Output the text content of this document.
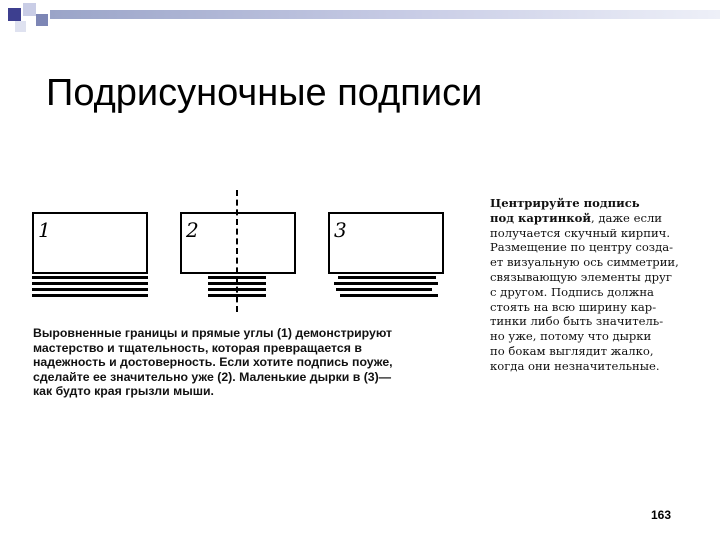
Подрисуночные подписи
1	2	3
Выровненные границы и прямые углы (1) демонстрируют
мастерство и тщательность, которая превращается в
надежность и достоверность. Если хотите подпись поуже,
сделайте ее значительно уже (2). Маленькие дырки в (3)—
как будто края грызли мыши.
Центрируйте подпись
под картинкой, даже если
получается скучный кирпич.
Размещение по центру созда-
ет визуальную ось симметрии,
связывающую элементы друг
с другом. Подпись должна
стоять на всю ширину кар-
тинки либо быть значитель-
но уже, потому что дырки
по бокам выглядит жалко,
когда они незначительные.
163
